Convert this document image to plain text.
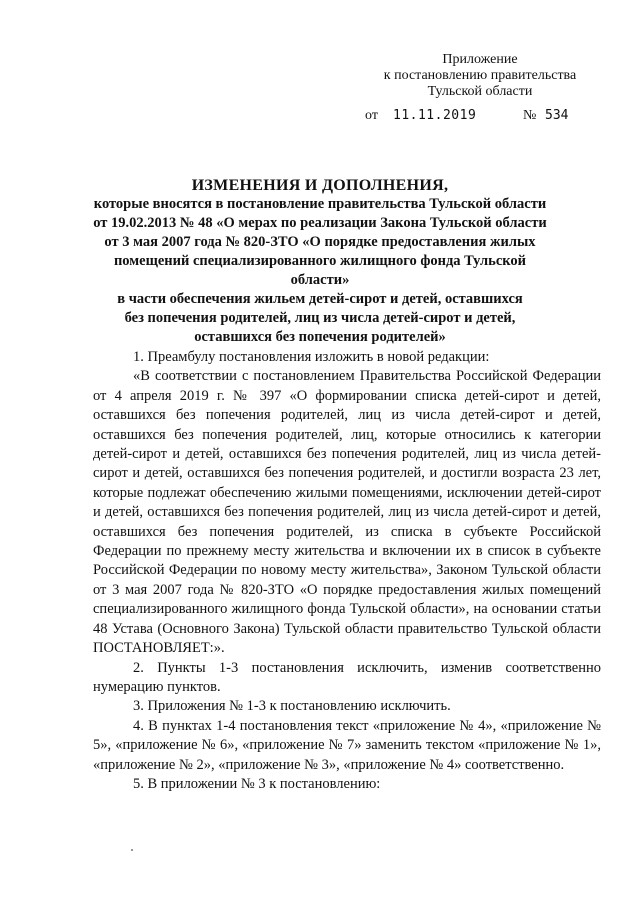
Приложение
к постановлению правительства
Тульской области
от 11.11.2019	№ 534
ИЗМЕНЕНИЯ И ДОПОЛНЕНИЯ,
которые вносятся в постановление правительства Тульской области
от 19.02.2013 № 48 «О мерах по реализации Закона Тульской области
от 3 мая 2007 года № 820-ЗТО «О порядке предоставления жилых
помещений специализированного жилищного фонда Тульской области»
в части обеспечения жильем детей-сирот и детей, оставшихся
без попечения родителей, лиц из числа детей-сирот и детей,
оставшихся без попечения родителей»

1. Преамбулу постановления изложить в новой редакции:

«В соответствии с постановлением Правительства Российской Федерации от 4 апреля 2019 г. № 397 «О формировании списка детей-сирот и детей, оставшихся без попечения родителей, лиц из числа детей-сирот и детей, оставшихся без попечения родителей, лиц, которые относились к категории детей-сирот и детей, оставшихся без попечения родителей, лиц из числа детей-сирот и детей, оставшихся без попечения родителей, и достигли возраста 23 лет, которые подлежат обеспечению жилыми помещениями, исключении детей-сирот и детей, оставшихся без попечения родителей, лиц из числа детей-сирот и детей, оставшихся без попечения родителей, из списка в субъекте Российской Федерации по прежнему месту жительства и включении их в список в субъекте Российской Федерации по новому месту жительства», Законом Тульской области от 3 мая 2007 года № 820-ЗТО «О порядке предоставления жилых помещений специализированного жилищного фонда Тульской области», на основании статьи 48 Устава (Основного Закона) Тульской области правительство Тульской области ПОСТАНОВЛЯЕТ:».

2. Пункты 1-3 постановления исключить, изменив соответственно нумерацию пунктов.

3. Приложения № 1-3 к постановлению исключить.

4. В пунктах 1-4 постановления текст «приложение № 4», «приложение № 5», «приложение № 6», «приложение № 7» заменить текстом «приложение № 1», «приложение № 2», «приложение № 3», «приложение № 4» соответственно.

5. В приложении № 3 к постановлению:
